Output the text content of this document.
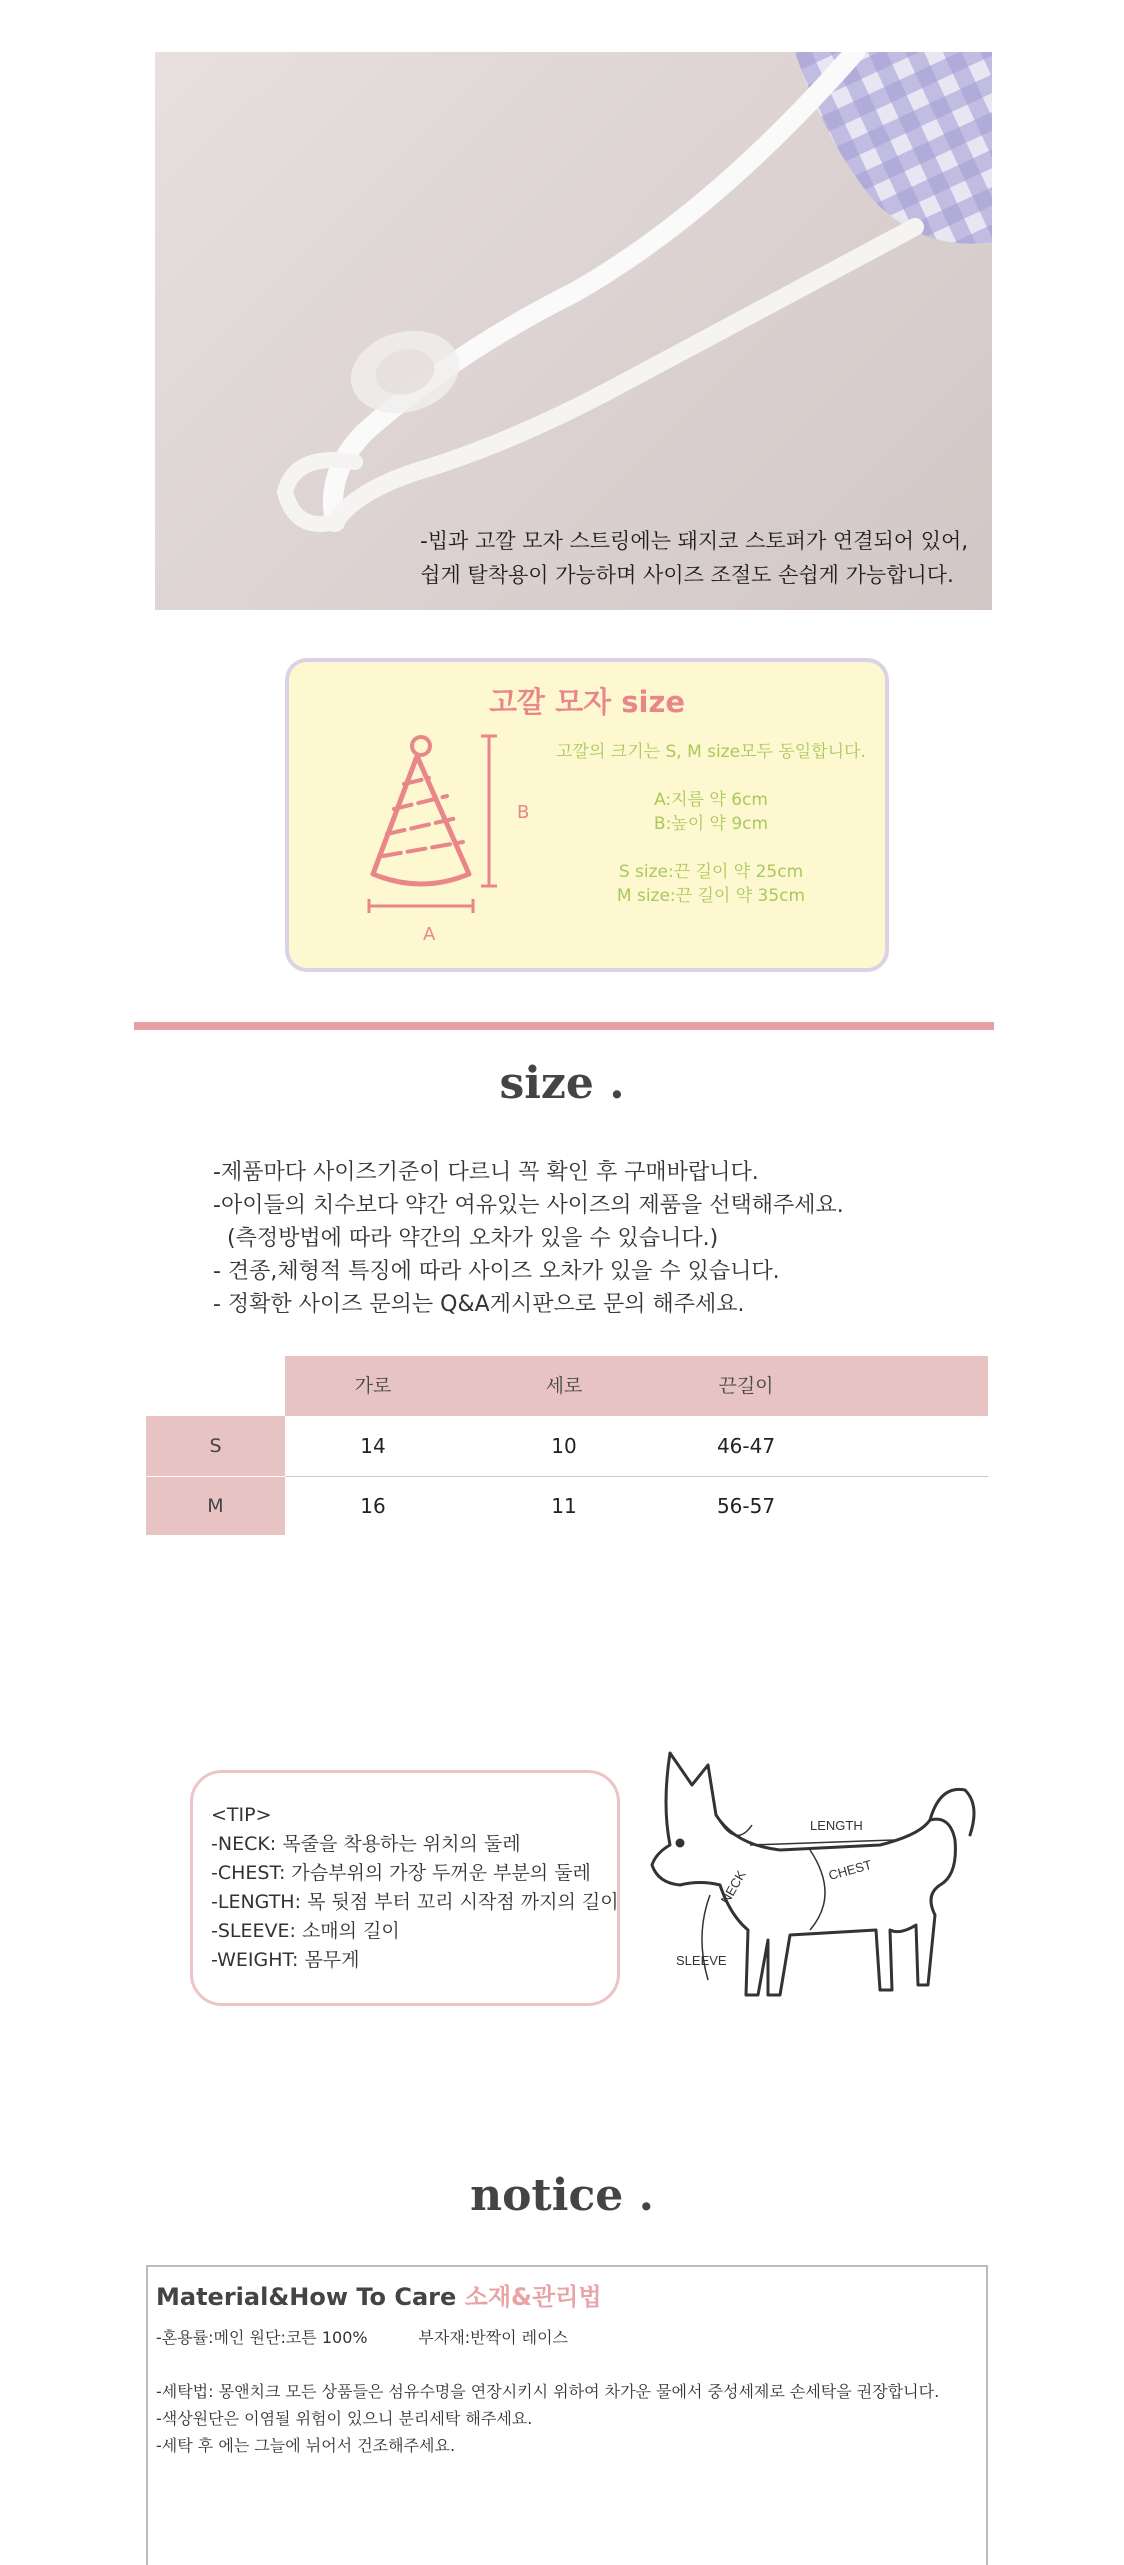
-빕과 고깔 모자 스트링에는 돼지코 스토퍼가 연결되어 있어,
쉽게 탈착용이 가능하며 사이즈 조절도 손쉽게 가능합니다.
고깔 모자 size
A
B
고깔의 크기는 S, M size모두 동일합니다.
A:지름 약 6cm
B:높이 약 9cm
S size:끈 길이 약 25cm
M size:끈 길이 약 35cm
size .
-제품마다 사이즈기준이 다르니 꼭 확인 후 구매바랍니다.
-아이들의 치수보다 약간 여유있는 사이즈의 제품을 선택해주세요.
(측정방법에 따라 약간의 오차가 있을 수 있습니다.)
- 견종,체형적 특징에 따라 사이즈 오차가 있을 수 있습니다.
- 정확한 사이즈 문의는 Q&A게시판으로 문의 해주세요.
가로	세로	끈길이
S	14	10	46-47
M	16	11	56-57
<TIP>
-NECK: 목줄을 착용하는 위치의 둘레
-CHEST: 가슴부위의 가장 두꺼운 부분의 둘레
-LENGTH: 목 뒷점 부터 꼬리 시작점 까지의 길이
-SLEEVE: 소매의 길이
-WEIGHT: 몸무게
LENGTH
NECK	CHEST
SLEEVE
notice .
Material&How To Care 소재&관리법
-혼용률:메인 원단:코튼 100%          부자재:반짝이 레이스
-세탁법: 몽앤치크 모든 상품들은 섬유수명을 연장시키시 위하여 차가운 물에서 중성세제로 손세탁을 권장합니다.
-색상원단은 이염될 위험이 있으니 분리세탁 해주세요.
-세탁 후 에는 그늘에 뉘어서 건조해주세요.
